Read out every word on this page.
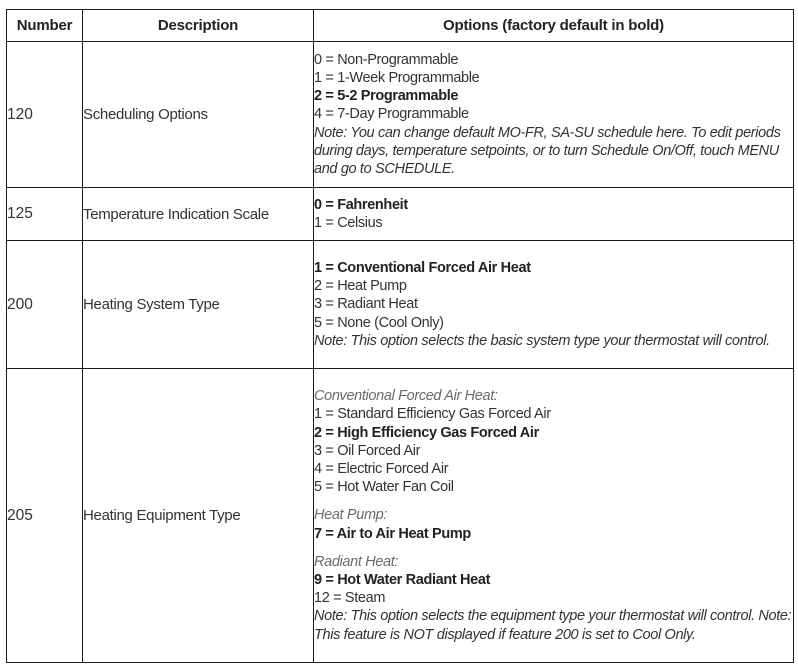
Number	Description	Options (factory default in bold)
120	Scheduling Options	0 = Non-Programmable
1 = 1-Week Programmable
2 = 5-2 Programmable
4 = 7-Day Programmable
Note: You can change default MO-FR, SA-SU schedule here. To edit periods during days, temperature setpoints, or to turn Schedule On/Off, touch MENU and go to SCHEDULE.

125	Temperature Indication Scale	0 = Fahrenheit
1 = Celsius

200	Heating System Type	1 = Conventional Forced Air Heat
2 = Heat Pump
3 = Radiant Heat
5 = None (Cool Only)
Note: This option selects the basic system type your thermostat will control.

205	Heating Equipment Type	
Conventional Forced Air Heat:
1 = Standard Efficiency Gas Forced Air
2 = High Efficiency Gas Forced Air
3 = Oil Forced Air
4 = Electric Forced Air
5 = Hot Water Fan Coil
Heat Pump:
7 = Air to Air Heat Pump
Radiant Heat:
9 = Hot Water Radiant Heat
12 = Steam
Note: This option selects the equipment type your thermostat will control. Note: This feature is NOT displayed if feature 200 is set to Cool Only.
